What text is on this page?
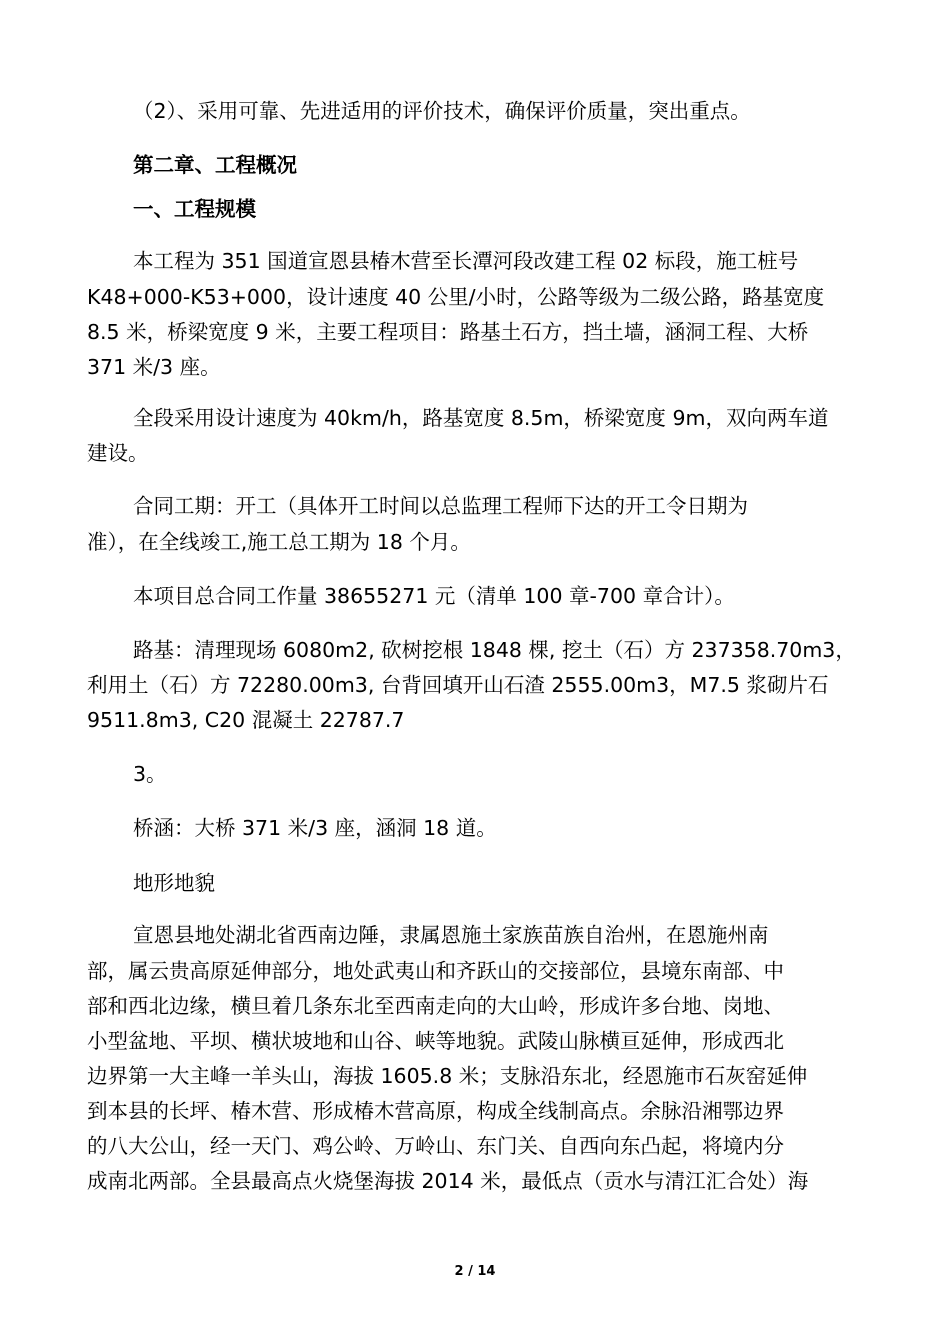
（2）、采用可靠、先进适用的评价技术，确保评价质量，突出重点。
第二章、工程概况
一、工程规模
本工程为 351 国道宣恩县椿木营至长潭河段改建工程 02 标段，施工桩号
K48+000-K53+000，设计速度 40 公里/小时，公路等级为二级公路，路基宽度
8.5 米，桥梁宽度 9 米，主要工程项目：路基土石方，挡土墙，涵洞工程、大桥
371 米/3 座。
全段采用设计速度为 40km/h，路基宽度 8.5m，桥梁宽度 9m，双向两车道
建设。
合同工期：开工（具体开工时间以总监理工程师下达的开工令日期为
准），在全线竣工,施工总工期为 18 个月。
本项目总合同工作量 38655271 元（清单 100 章-700 章合计）。
路基：清理现场 6080m2, 砍树挖根 1848 棵, 挖土（石）方 237358.70m3，
利用土（石）方 72280.00m3, 台背回填开山石渣 2555.00m3，M7.5 浆砌片石
9511.8m3, C20 混凝土 22787.7
3。
桥涵：大桥 371 米/3 座，涵洞 18 道。
地形地貌
宣恩县地处湖北省西南边陲，隶属恩施土家族苗族自治州，在恩施州南
部，属云贵高原延伸部分，地处武夷山和齐跃山的交接部位，县境东南部、中
部和西北边缘，横旦着几条东北至西南走向的大山岭，形成许多台地、岗地、
小型盆地、平坝、横状坡地和山谷、峡等地貌。武陵山脉横亘延伸，形成西北
边界第一大主峰一羊头山，海拔 1605.8 米；支脉沿东北，经恩施市石灰窑延伸
到本县的长坪、椿木营、形成椿木营高原，构成全线制高点。余脉沿湘鄂边界
的八大公山，经一天门、鸡公岭、万岭山、东门关、自西向东凸起，将境内分
成南北两部。全县最高点火烧堡海拔 2014 米，最低点（贡水与清江汇合处）海
2 / 14
